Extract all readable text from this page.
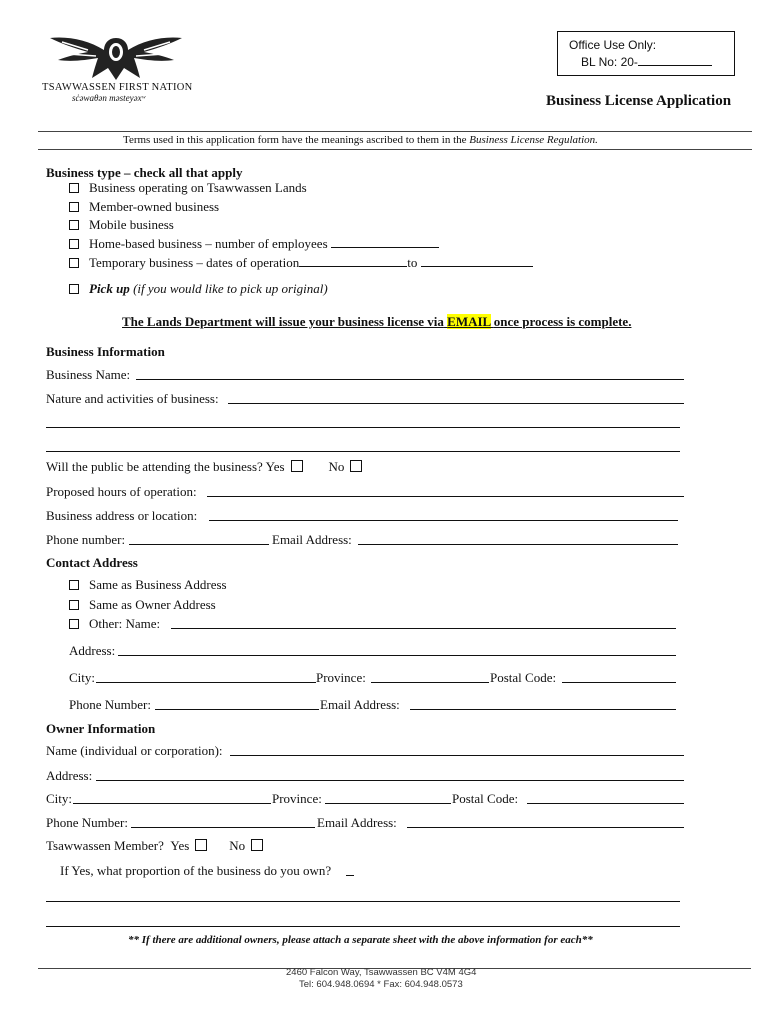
TSAWWASSEN FIRST NATION
sċəwaθən məsteyəxʷ
Office Use Only:
BL No: 20-
Business License Application
Terms used in this application form have the meanings ascribed to them in the Business License Regulation.
Business type – check all that apply
Business operating on Tsawwassen Lands
Member-owned business
Mobile business
Home-based business – number of employees
Temporary business – dates of operation	to
Pick up (if you would like to pick up original)
The Lands Department will issue your business license via EMAIL once process is complete.
Business Information
Business Name:
Nature and activities of business:
Will the public be attending the business? Yes	No
Proposed hours of operation:
Business address or location:
Phone number:	Email Address:
Contact Address
Same as Business Address
Same as Owner Address
Other: Name:
Address:
City:	Province:	Postal Code:
Phone Number:	Email Address:
Owner Information
Name (individual or corporation):
Address:
City:	Province:	Postal Code:
Phone Number:	Email Address:
Tsawwassen Member? Yes	No
If Yes, what proportion of the business do you own?
** If there are additional owners, please attach a separate sheet with the above information for each**
2460 Falcon Way, Tsawwassen BC V4M 4G4
Tel: 604.948.0694 * Fax: 604.948.0573
